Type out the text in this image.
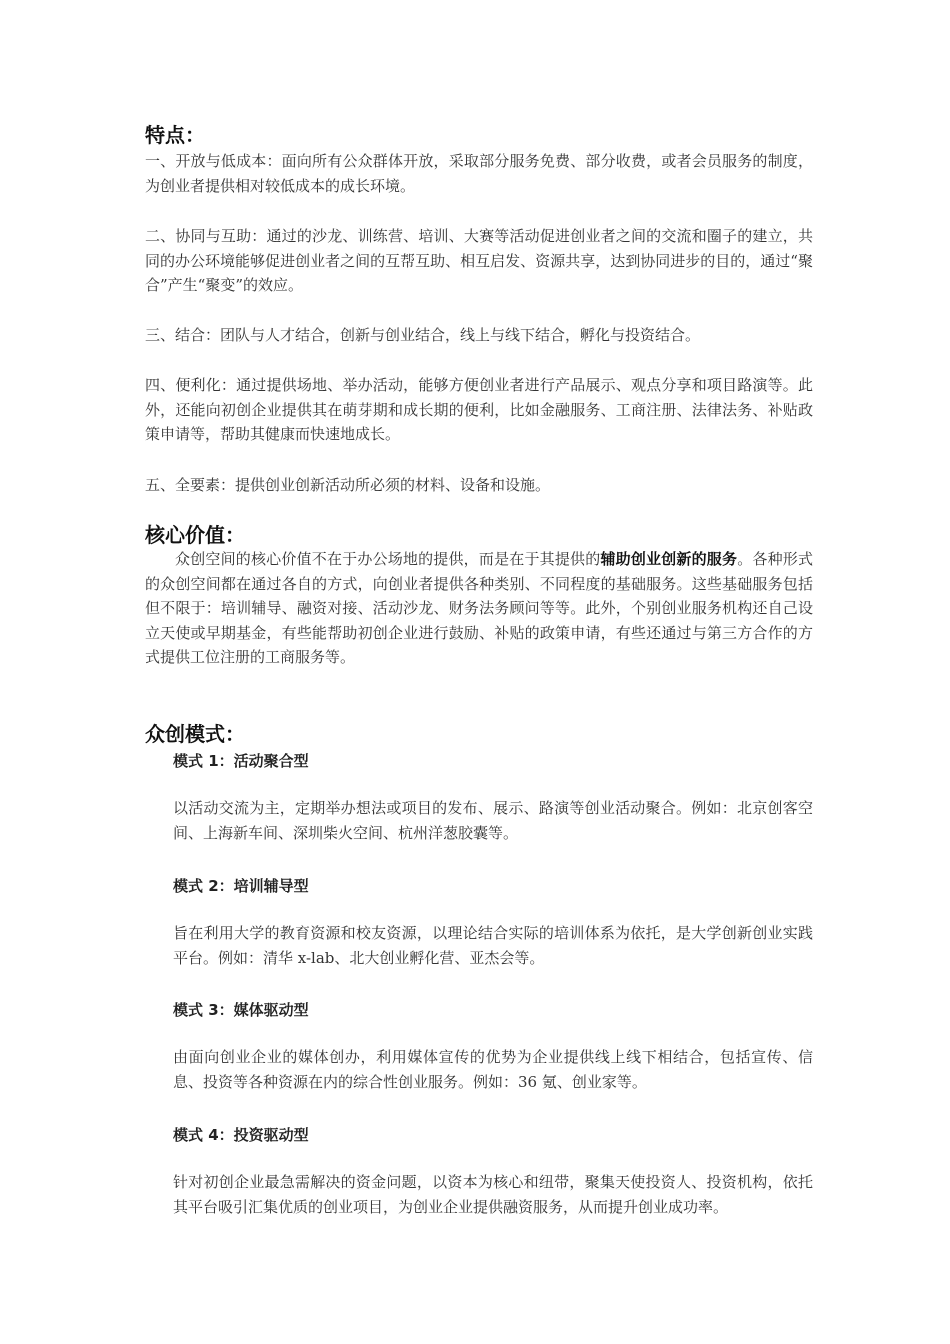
特点：
一、开放与低成本：面向所有公众群体开放，采取部分服务免费、部分收费，或者会员服务的制度，为创业者提供相对较低成本的成长环境。
二、协同与互助：通过的沙龙、训练营、培训、大赛等活动促进创业者之间的交流和圈子的建立，共同的办公环境能够促进创业者之间的互帮互助、相互启发、资源共享，达到协同进步的目的，通过“聚合”产生“聚变”的效应。
三、结合：团队与人才结合，创新与创业结合，线上与线下结合，孵化与投资结合。
四、便利化：通过提供场地、举办活动，能够方便创业者进行产品展示、观点分享和项目路演等。此外，还能向初创企业提供其在萌芽期和成长期的便利，比如金融服务、工商注册、法律法务、补贴政策申请等，帮助其健康而快速地成长。
五、全要素：提供创业创新活动所必须的材料、设备和设施。
核心价值：
众创空间的核心价值不在于办公场地的提供，而是在于其提供的辅助创业创新的服务。各种形式的众创空间都在通过各自的方式，向创业者提供各种类别、不同程度的基础服务。这些基础服务包括但不限于：培训辅导、融资对接、活动沙龙、财务法务顾问等等。此外，个别创业服务机构还自己设立天使或早期基金，有些能帮助初创企业进行鼓励、补贴的政策申请，有些还通过与第三方合作的方式提供工位注册的工商服务等。
众创模式：
模式 1：活动聚合型
以活动交流为主，定期举办想法或项目的发布、展示、路演等创业活动聚合。例如：北京创客空间、上海新车间、深圳柴火空间、杭州洋葱胶囊等。
模式 2：培训辅导型
旨在利用大学的教育资源和校友资源，以理论结合实际的培训体系为依托，是大学创新创业实践平台。例如：清华 x-lab、北大创业孵化营、亚杰会等。
模式 3：媒体驱动型
由面向创业企业的媒体创办，利用媒体宣传的优势为企业提供线上线下相结合，包括宣传、信息、投资等各种资源在内的综合性创业服务。例如：36 氪、创业家等。
模式 4：投资驱动型
针对初创企业最急需解决的资金问题，以资本为核心和纽带，聚集天使投资人、投资机构，依托其平台吸引汇集优质的创业项目，为创业企业提供融资服务，从而提升创业成功率。
